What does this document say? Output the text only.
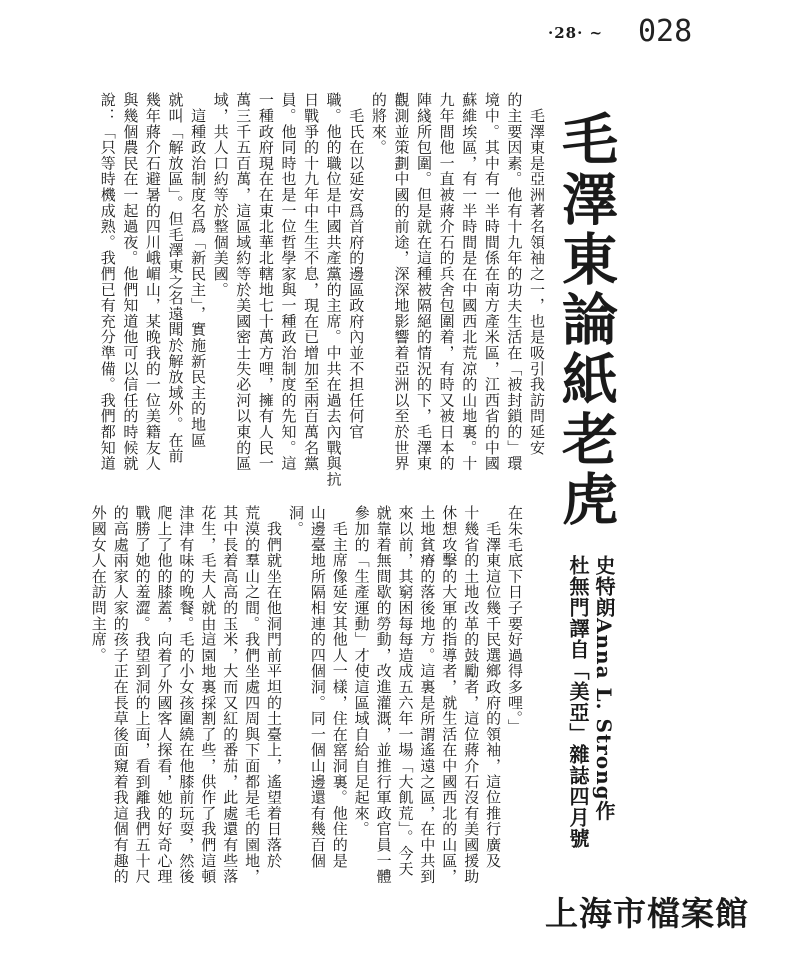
·28· ~ 028
毛澤東論紙老虎
史特朗Anna L. Strong作
杜無門譯自「美亞」雜誌四月號
　毛澤東是亞洲著名領袖之一，也是吸引我訪問延安
的主要因素。他有十九年的功夫生活在「被封鎖的」環
境中。其中有一半時間係在南方產米區，江西省的中國
蘇維埃區，有一半時間是在中國西北荒凉的山地裏。十
九年間他一直被蔣介石的兵舍包圍着，有時又被日本的
陣綫所包圍。但是就在這種被隔絕的情況的下，毛澤東
觀測並策劃中國的前途，深深地影響着亞洲以至於世界
的將來。
　毛氏在以延安爲首府的邊區政府內並不担任何官
職。他的職位是中國共產黨的主席。中共在過去內戰與抗
日戰爭的十九年中生生不息，現在已增加至兩百萬名黨
員。他同時也是一位哲學家與一種政治制度的先知。這
一種政府現在在東北華北轄地七十萬方哩，擁有人民一
萬三千五百萬，這區域約等於美國密士失必河以東的區
域，共人口約等於整個美國。
　這種政治制度名爲「新民主」，實施新民主的地區
就叫「解放區」。但毛澤東之名遠聞於解放域外。在前
幾年蔣介石避暑的四川峨嵋山，某晚我的一位美籍友人
與幾個農民在一起過夜。他們知道他可以信任的時候就
說：「只等時機成熟。我們已有充分準備。我們都知道
在朱毛底下日子要好過得多哩。」
　毛澤東這位幾千民選鄉政府的領袖，這位推行廣及
十幾省的土地改革的鼓勵者，這位蔣介石沒有美國援助
休想攻擊的大軍的指導者，就生活在中國西北的山區，
土地貧瘠的落後地方。這裏是所謂遙遠之區，在中共到
來以前，其窮困每每造成五六年一場「大飢荒」。今天
就靠着無間歇的勞動，改進灌溉，並推行軍政官員一體
參加的「生產運動」才使這區域自給自足起來。
　毛主席像延安其他人一樣，住在窰洞裏。他住的是
山邊臺地所隔相連的四個洞。同一個山邊還有幾百個
洞。
　我們就坐在他洞門前平坦的土臺上，遙望着日落於
荒漠的羣山之間。我們坐處四周與下面都是毛的園地，
其中長着高高的玉米，大而又紅的番茄，此處還有些落
花生，毛夫人就由這園地裏採割了些，供作了我們這頓
津津有味的晚餐。毛的小女孩圍繞在他膝前玩耍，然後
爬上了他的膝蓋，向着了外國客人探看，她的好奇心理
戰勝了她的羞澀。我望到洞的上面，看到離我們五十尺
的高處兩家人家的孩子正在長草後面窺着我這個有趣的
外國女人在訪問主席。
上海市檔案館
